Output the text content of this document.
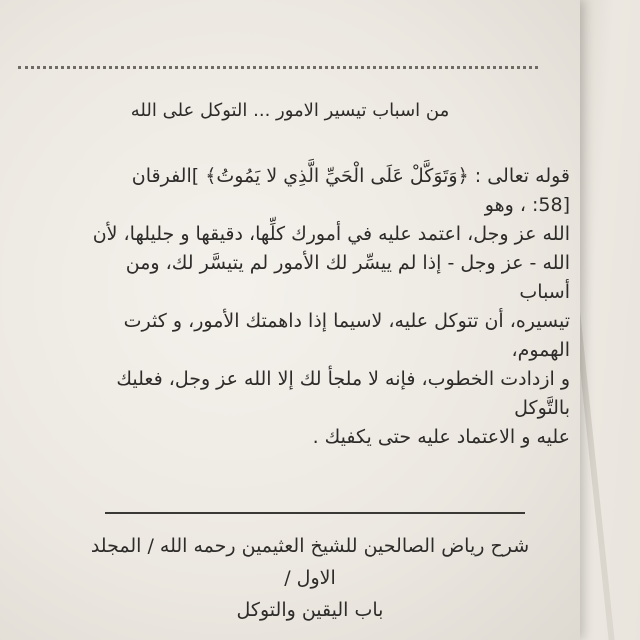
من اسباب تيسير الامور ... التوكل على الله

قوله تعالى : ﴿وَتَوَكَّلْ عَلَى الْحَيِّ الَّذِي لا يَمُوتُ﴾ ]الفرقان

[58: ، وهو

الله عز وجل، اعتمد عليه في أمورك كلِّها، دقيقها و جليلها، لأن

الله - عز وجل - إذا لم ييسِّر لك الأمور لم يتيسَّر لك، ومن

أسباب

تيسيره، أن تتوكل عليه، لاسيما إذا داهمتك الأمور، و كثرت

الهموم،

و ازدادت الخطوب، فإنه لا ملجأ لك إلا الله عز وجل، فعليك

بالتَّوكل

عليه و الاعتماد عليه حتى يكفيك .

شرح رياض الصالحين للشيخ العثيمين رحمه الله / المجلد

الاول /

باب اليقين والتوكل
